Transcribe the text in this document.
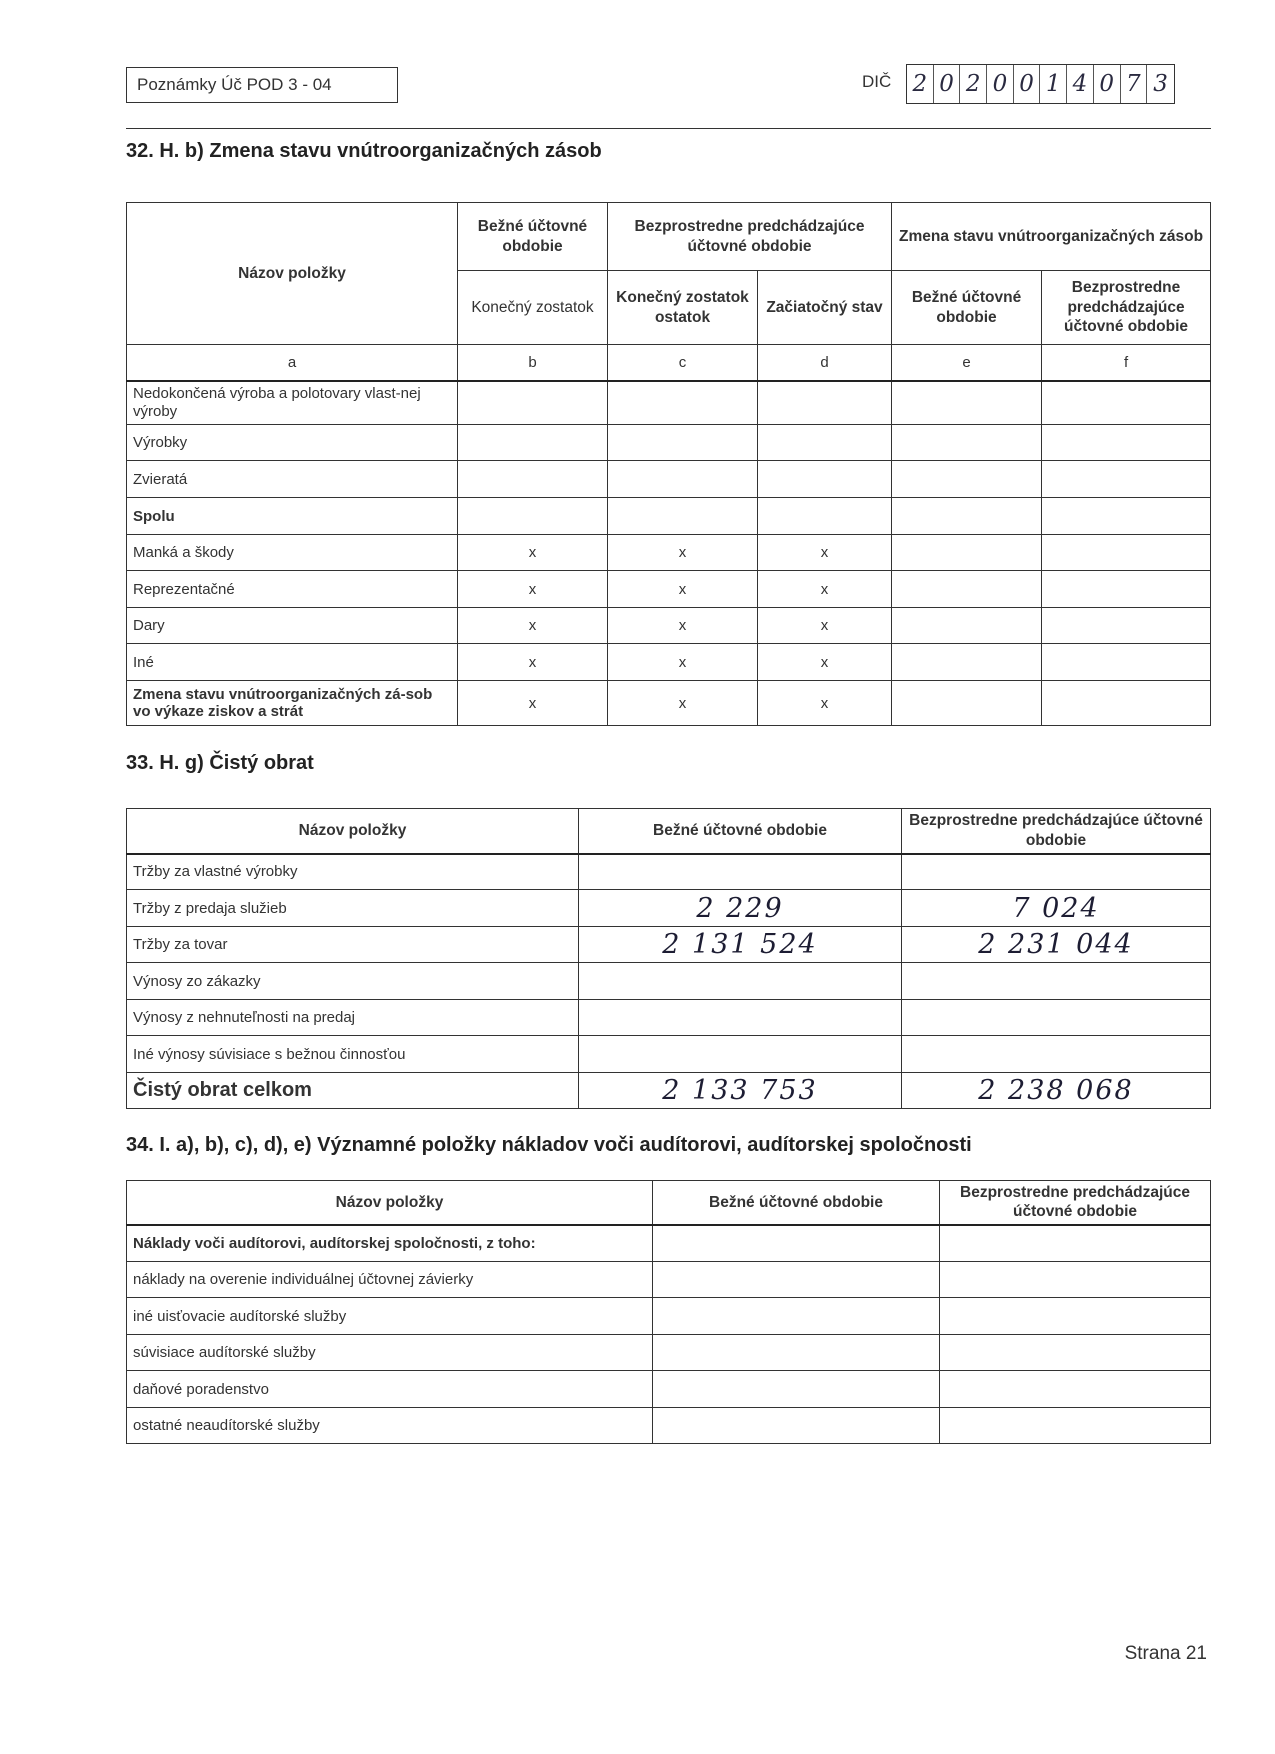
Poznámky Úč POD 3 - 04	DIČ 2 0 2 0 0 1 4 0 7 3
32. H. b) Zmena stavu vnútroorganizačných zásob
Názov položky	Bežné účtovné obdobie	Bezprostredne predchádzajúce účtovné obdobie		Zmena stavu vnútroorganizačných zásob	
	Konečný zostatok	Konečný zostatok ostatok	Začiatočný stav	Bežné účtovné obdobie	Bezprostredne predchádzajúce účtovné obdobie
a	b	c	d	e	f
Nedokončená výroba a polotovary vlast-nej výroby					
Výrobky					
Zvieratá					
Spolu					
Manká a škody	x	x	x		
Reprezentačné	x	x	x		
Dary	x	x	x		
Iné	x	x	x		
Zmena stavu vnútroorganizačných zá-sob vo výkaze ziskov a strát	x	x	x		
33. H. g) Čistý obrat
Názov položky	Bežné účtovné obdobie	Bezprostredne predchádzajúce účtovné obdobie
Tržby za vlastné výrobky		
Tržby z predaja služieb	2 229	7 024
Tržby za tovar	2 131 524	2 231 044
Výnosy zo zákazky		
Výnosy z nehnuteľnosti na predaj		
Iné výnosy súvisiace s bežnou činnosťou		
Čistý obrat celkom	2 133 753	2 238 068
34. I. a), b), c), d), e) Významné položky nákladov voči audítorovi, audítorskej spoločnosti
Názov položky	Bežné účtovné obdobie	Bezprostredne predchádzajúce účtovné obdobie
Náklady voči audítorovi, audítorskej spoločnosti, z toho:		
náklady na overenie individuálnej účtovnej závierky		
iné uisťovacie audítorské služby		
súvisiace audítorské služby		
daňové poradenstvo		
ostatné neaudítorské služby		
Strana 21
